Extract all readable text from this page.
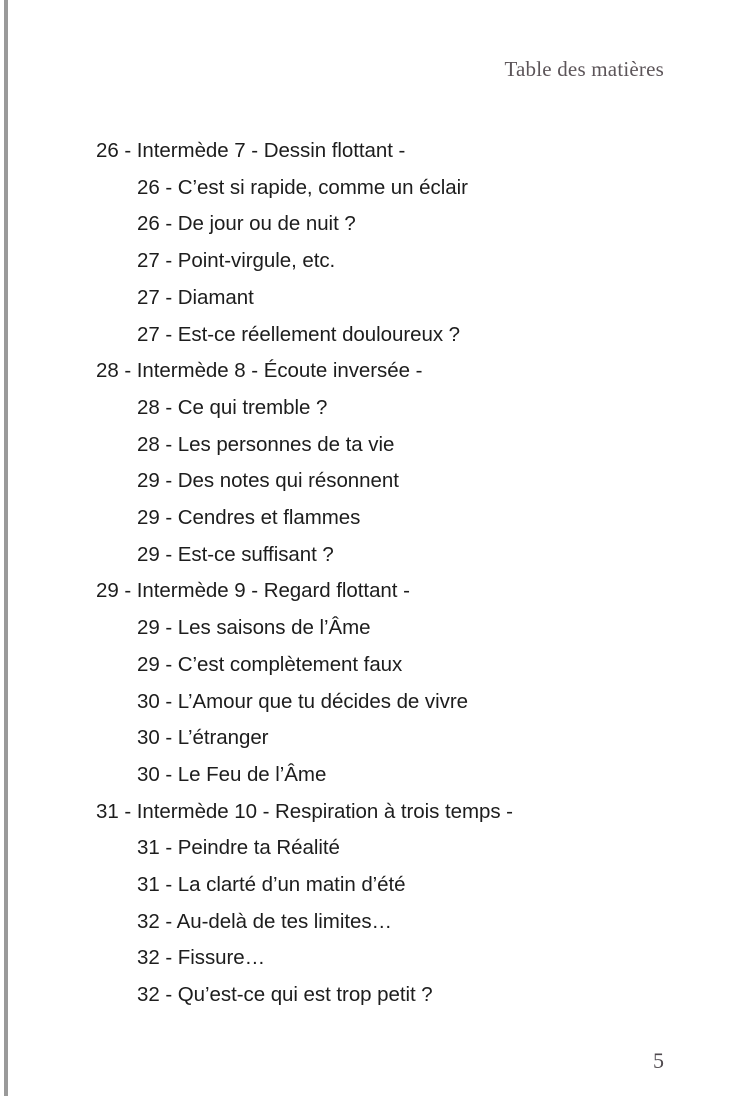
Table des matières
26 - Intermède 7 - Dessin flottant -
26 - C’est si rapide, comme un éclair
26 - De jour ou de nuit ?
27 - Point-virgule, etc.
27 - Diamant
27 - Est-ce réellement douloureux ?
28 - Intermède 8 - Écoute inversée -
28 - Ce qui tremble ?
28 - Les personnes de ta vie
29 - Des notes qui résonnent
29 - Cendres et flammes
29 - Est-ce suffisant ?
29 - Intermède 9 - Regard flottant -
29 - Les saisons de l’Âme
29 - C’est complètement faux
30 - L’Amour que tu décides de vivre
30 - L’étranger
30 - Le Feu de l’Âme
31 - Intermède 10 - Respiration à trois temps -
31 - Peindre ta Réalité
31 - La clarté d’un matin d’été
32 - Au-delà de tes limites…
32 - Fissure…
32 - Qu’est-ce qui est trop petit ?
5
